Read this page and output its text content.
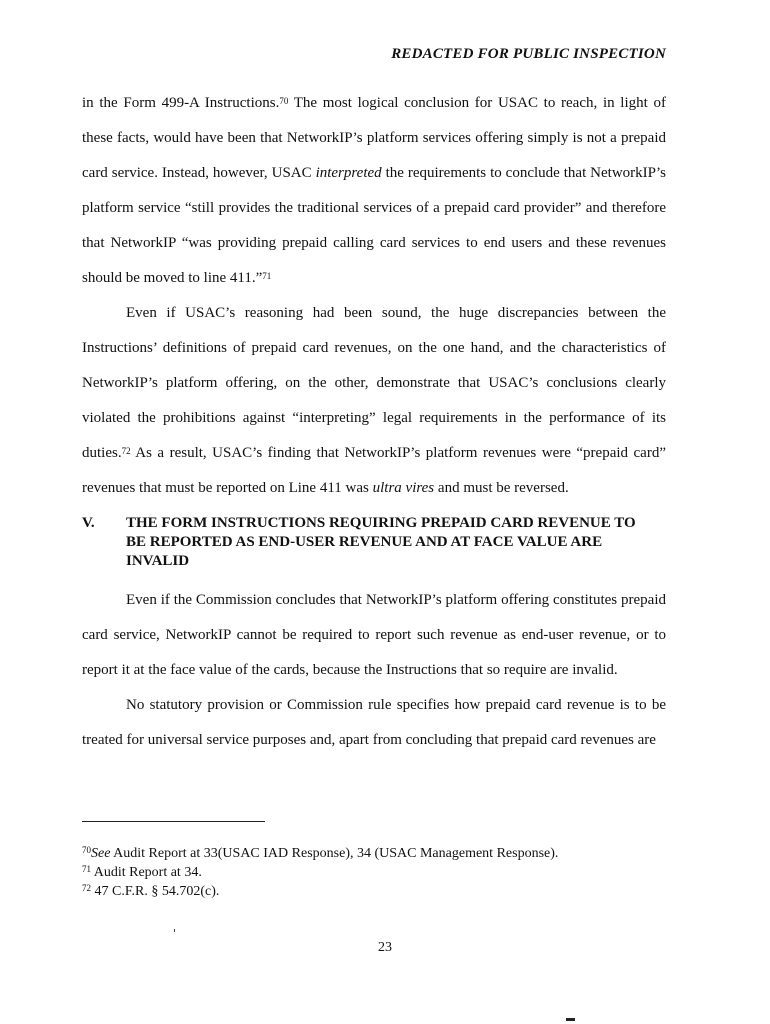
REDACTED FOR PUBLIC INSPECTION

in the Form 499-A Instructions.$^{70}$ The most logical conclusion for USAC to reach, in light of these facts, would have been that NetworkIP’s platform services offering simply is not a prepaid card service. Instead, however, USAC interpreted the requirements to conclude that NetworkIP’s platform service “still provides the traditional services of a prepaid card provider” and therefore that NetworkIP “was providing prepaid calling card services to end users and these revenues should be moved to line 411.”$^{71}$

Even if USAC’s reasoning had been sound, the huge discrepancies between the Instructions’ definitions of prepaid card revenues, on the one hand, and the characteristics of NetworkIP’s platform offering, on the other, demonstrate that USAC’s conclusions clearly violated the prohibitions against “interpreting” legal requirements in the performance of its duties.$^{72}$ As a result, USAC’s finding that NetworkIP’s platform revenues were “prepaid card” revenues that must be reported on Line 411 was ultra vires and must be reversed.

V.	THE FORM INSTRUCTIONS REQUIRING PREPAID CARD REVENUE TO BE REPORTED AS END-USER REVENUE AND AT FACE VALUE ARE INVALID

Even if the Commission concludes that NetworkIP’s platform offering constitutes prepaid card service, NetworkIP cannot be required to report such revenue as end-user revenue, or to report it at the face value of the cards, because the Instructions that so require are invalid.

No statutory provision or Commission rule specifies how prepaid card revenue is to be treated for universal service purposes and, apart from concluding that prepaid card revenues are

$^{70}$See Audit Report at 33(USAC IAD Response), 34 (USAC Management Response).

$^{71}$ Audit Report at 34.

$^{72}$ 47 C.F.R. § 54.702(c).

23
